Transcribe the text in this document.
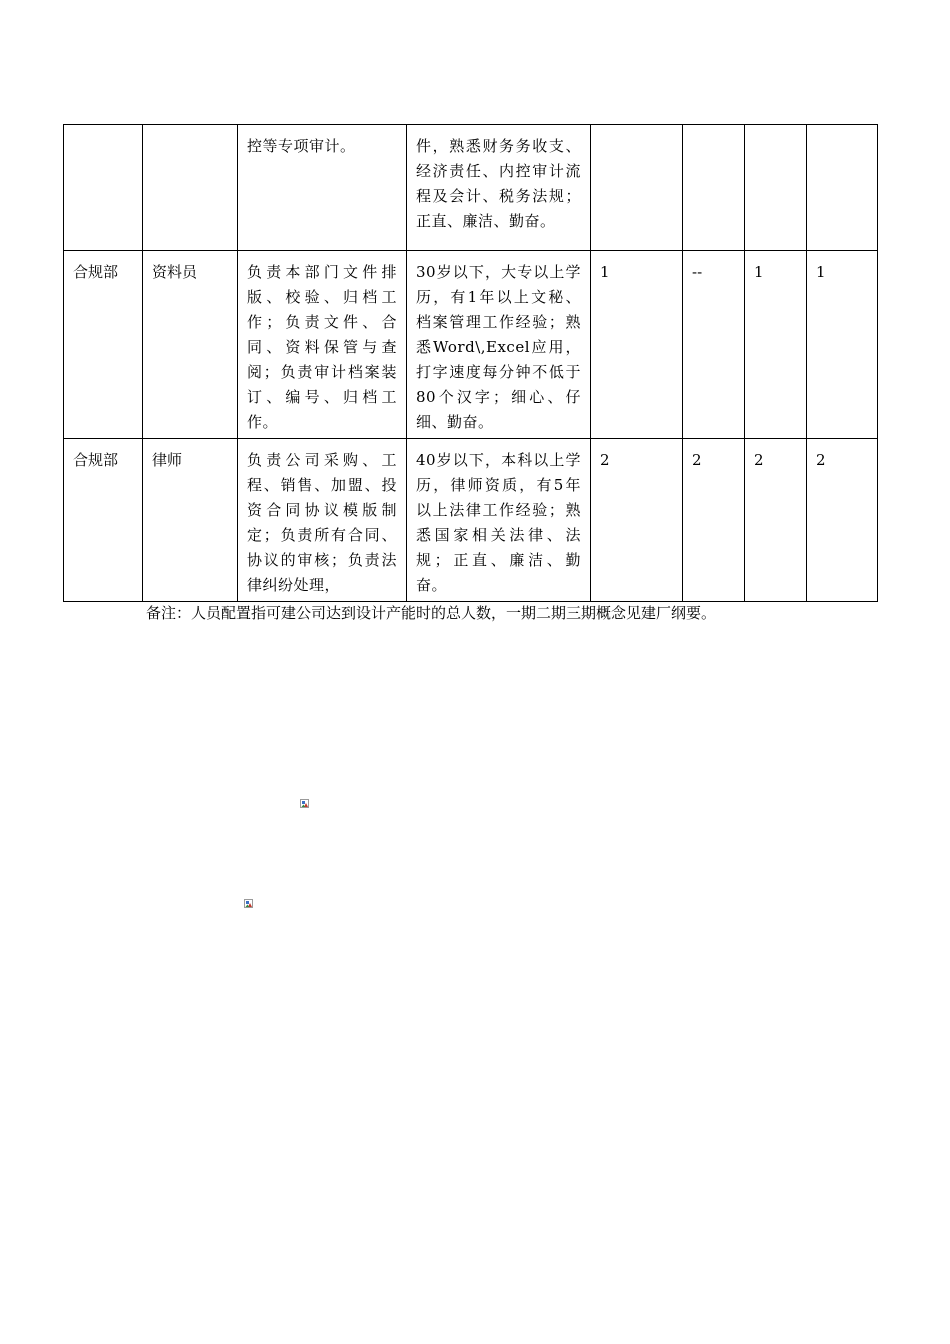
		控等专项审计。	件，熟悉财务务收支、经济责任、内控审计流程及会计、税务法规；正直、廉洁、勤奋。				
合规部	资料员	负责本部门文件排版、校验、归档工作；负责文件、合同、资料保管与查阅；负责审计档案装订、编号、归档工作。	30岁以下，大专以上学历，有1年以上文秘、档案管理工作经验；熟悉Word\,Excel应用，打字速度每分钟不低于80个汉字；细心、仔细、勤奋。	1	--	1	1
合规部	律师	负责公司采购、工程、销售、加盟、投资合同协议模版制定；负责所有合同、协议的审核；负责法律纠纷处理，	40岁以下，本科以上学历，律师资质，有5年以上法律工作经验；熟悉国家相关法律、法规；正直、廉洁、勤奋。	2	2	2	2
备注：人员配置指可建公司达到设计产能时的总人数，一期二期三期概念见建厂纲要。
